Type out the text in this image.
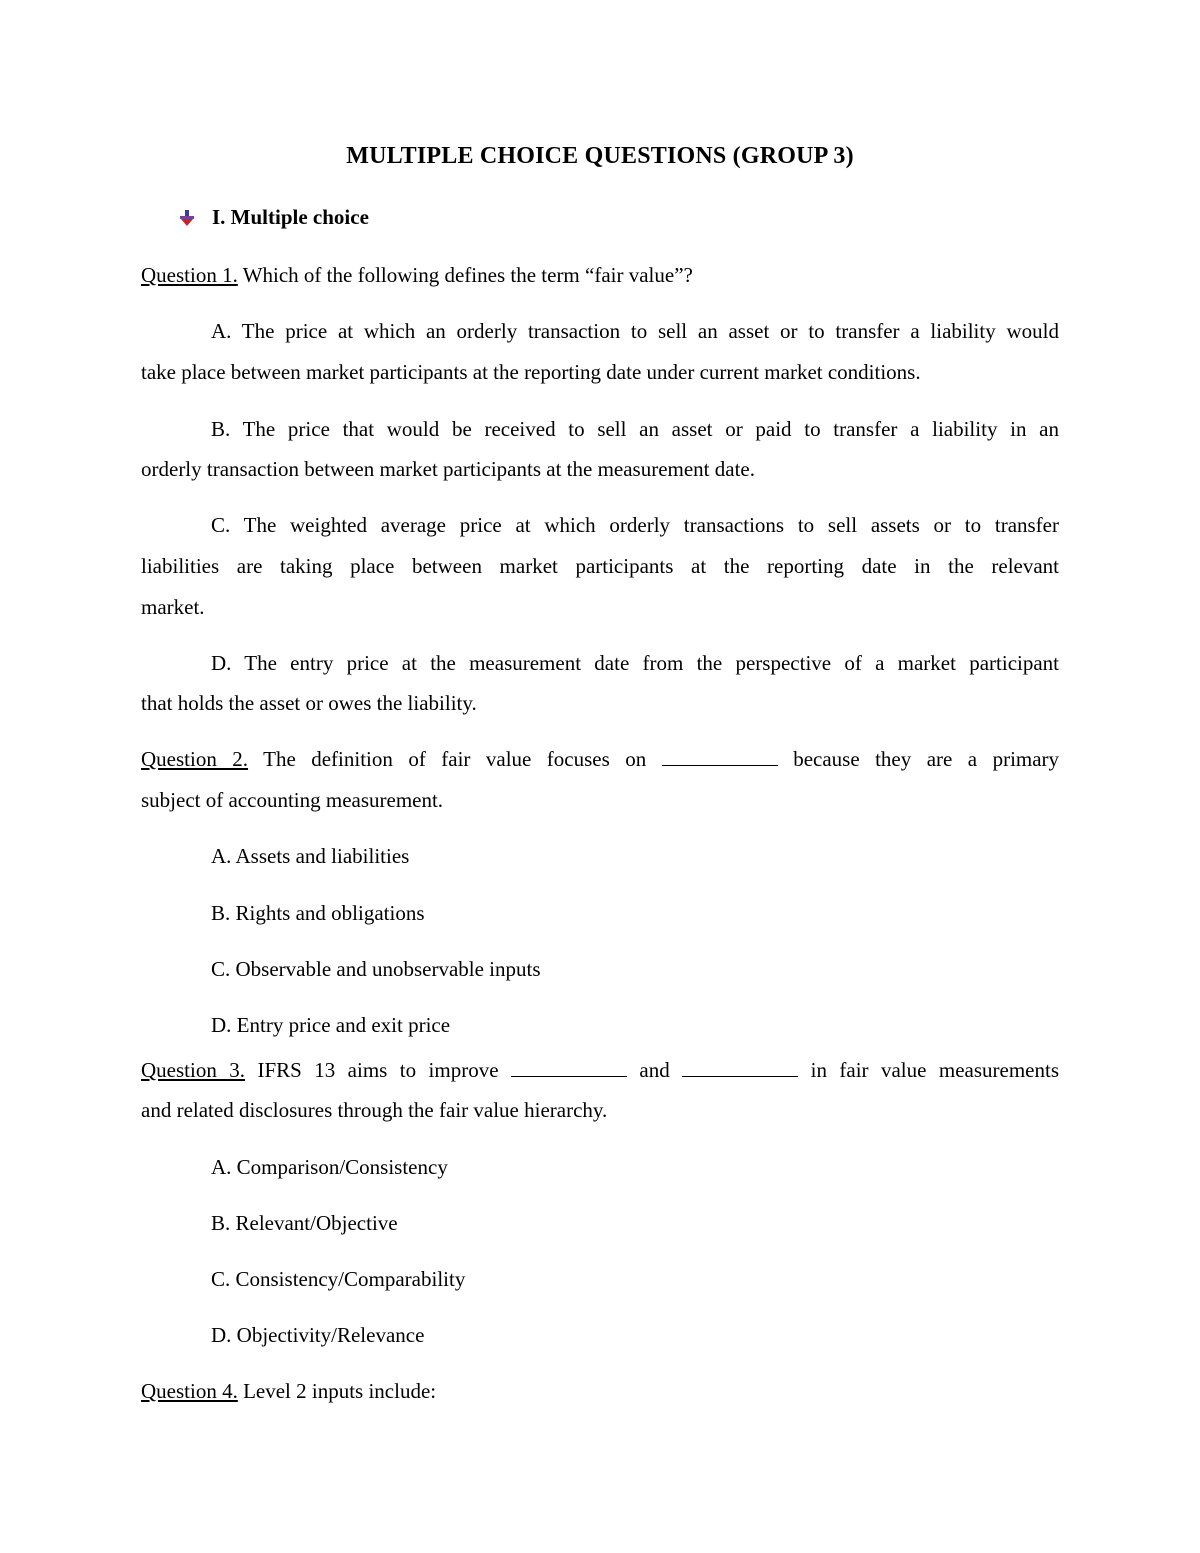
MULTIPLE CHOICE QUESTIONS (GROUP 3)
I. Multiple choice
Question 1. Which of the following defines the term “fair value”?
A. The price at which an orderly transaction to sell an asset or to transfer a liability would
take place between market participants at the reporting date under current market conditions.
B. The price that would be received to sell an asset or paid to transfer a liability in an
orderly transaction between market participants at the measurement date.
C. The weighted average price at which orderly transactions to sell assets or to transfer
liabilities are taking place between market participants at the reporting date in the relevant
market.
D. The entry price at the measurement date from the perspective of a market participant
that holds the asset or owes the liability.
Question 2. The definition of fair value focuses on	because they are a primary
subject of accounting measurement.
A. Assets and liabilities
B. Rights and obligations
C. Observable and unobservable inputs
D. Entry price and exit price
Question 3. IFRS 13 aims to improve	and	in fair value measurements
and related disclosures through the fair value hierarchy.
A. Comparison/Consistency
B. Relevant/Objective
C. Consistency/Comparability
D. Objectivity/Relevance
Question 4. Level 2 inputs include:
